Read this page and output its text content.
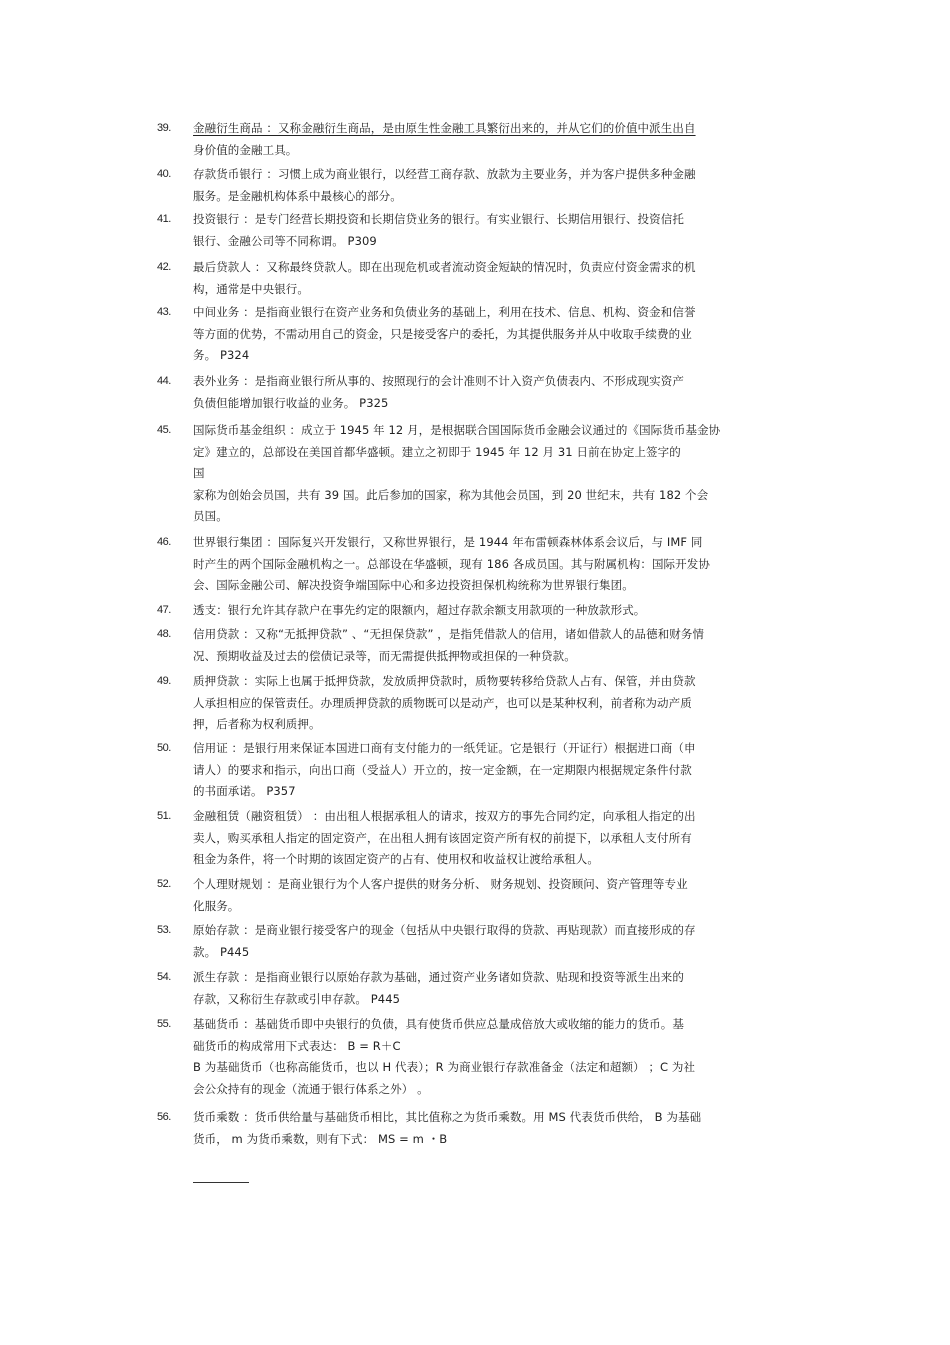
39.	金融衍生商品 ：又称金融衍生商品，是由原生性金融工具繁衍出来的，并从它们的价值中派生出自
身价值的金融工具。
40.	存款货币银行 ：习惯上成为商业银行，以经营工商存款、放款为主要业务，并为客户提供多种金融
服务。是金融机构体系中最核心的部分。
41.	投资银行 ：是专门经营长期投资和长期信贷业务的银行。有实业银行、长期信用银行、投资信托
银行、金融公司等不同称谓。 P309
42.	最后贷款人 ：又称最终贷款人。即在出现危机或者流动资金短缺的情况时，负责应付资金需求的机
构，通常是中央银行。
43.	中间业务 ：是指商业银行在资产业务和负债业务的基础上，利用在技术、信息、机构、资金和信誉
等方面的优势，不需动用自己的资金，只是接受客户的委托，为其提供服务并从中收取手续费的业
务。 P324
44.	表外业务 ：是指商业银行所从事的、按照现行的会计准则不计入资产负债表内、不形成现实资产
负债但能增加银行收益的业务。 P325
45.	国际货币基金组织 ：成立于 1945 年 12 月，是根据联合国国际货币金融会议通过的《国际货币基金协
定》建立的，总部设在美国首都华盛顿。建立之初即于 1945 年 12 月 31 日前在协定上签字的
国
家称为创始会员国，共有 39 国。此后参加的国家，称为其他会员国，到 20 世纪末，共有 182 个会
员国。
46.	世界银行集团 ：国际复兴开发银行，又称世界银行，是 1944 年布雷顿森林体系会议后，与 IMF 同
时产生的两个国际金融机构之一。总部设在华盛顿，现有 186 各成员国。其与附属机构：国际开发协
会、国际金融公司、解决投资争端国际中心和多边投资担保机构统称为世界银行集团。
47.	透支：银行允许其存款户在事先约定的限额内，超过存款余额支用款项的一种放款形式。
48.	信用贷款 ：又称“无抵押贷款” 、“无担保贷款” ，是指凭借款人的信用，诸如借款人的品德和财务情
况、预期收益及过去的偿债记录等，而无需提供抵押物或担保的一种贷款。
49.	质押贷款 ：实际上也属于抵押贷款，发放质押贷款时，质物要转移给贷款人占有、保管，并由贷款
人承担相应的保管责任。办理质押贷款的质物既可以是动产，也可以是某种权利，前者称为动产质
押，后者称为权利质押。
50.	信用证 ：是银行用来保证本国进口商有支付能力的一纸凭证。它是银行（开证行）根据进口商（申
请人）的要求和指示，向出口商（受益人）开立的，按一定金额，在一定期限内根据规定条件付款
的书面承诺。 P357
51.	金融租赁（融资租赁） ：由出租人根据承租人的请求，按双方的事先合同约定，向承租人指定的出
卖人，购买承租人指定的固定资产，在出租人拥有该固定资产所有权的前提下，以承租人支付所有
租金为条件，将一个时期的该固定资产的占有、使用权和收益权让渡给承租人。
52.	个人理财规划 ：是商业银行为个人客户提供的财务分析、 财务规划、投资顾问、资产管理等专业
化服务。
53.	原始存款 ：是商业银行接受客户的现金（包括从中央银行取得的贷款、再贴现款）而直接形成的存
款。 P445
54.	派生存款 ：是指商业银行以原始存款为基础，通过资产业务诸如贷款、贴现和投资等派生出来的
存款，又称衍生存款或引申存款。 P445
55.	基础货币 ：基础货币即中央银行的负债，具有使货币供应总量成倍放大或收缩的能力的货币。基
础货币的构成常用下式表达： B = R＋C
B 为基础货币（也称高能货币，也以 H 代表）；R 为商业银行存款准备金（法定和超额） ；C 为社
会公众持有的现金（流通于银行体系之外） 。
56.	货币乘数 ：货币供给量与基础货币相比，其比值称之为货币乘数。用 MS 代表货币供给， B 为基础
货币， m 为货币乘数，则有下式： MS = m ・B
